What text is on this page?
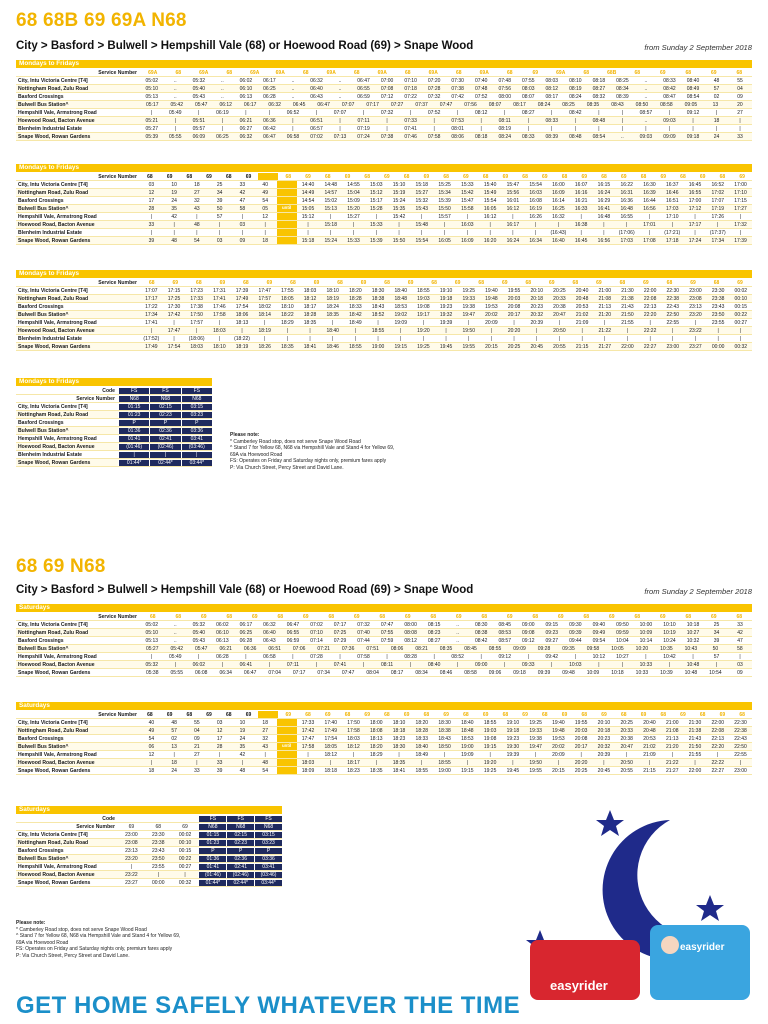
68 68B 69 69A N68
City > Basford > Bulwell > Hempshill Vale (68) or Hoewood Road (69) > Snape Wood	from Sunday 2 September 2018
Mondays to Fridays
Service Number	69A	68	69A	68	69A	69A	68	69A	68	69A	68	69A	68	69A	68	69	69A	68	68B	68	69	68	69	68
City, Intu Victoria Centre [T4]	05:02	..	05:32	..	06:02	06:17	..	06:32	..	06:47	07:00	07:10	07:20	07:30	07:40	07:48	07:55	08:03	08:10	08:18	08:25	..	08:33	08:40	48	55
Nottingham Road, Zulu Road	05:10	..	05:40	..	06:10	06:25	..	06:40	..	06:55	07:08	07:18	07:28	07:38	07:48	07:56	08:03	08:12	08:19	08:27	08:34	..	08:42	08:49	57	04
Basford Crossings	05:13	..	05:43	..	06:13	06:28	..	06:43	..	06:59	07:12	07:22	07:32	07:42	07:52	08:00	08:07	08:17	08:24	08:32	08:39	..	08:47	08:54	02	09
Bulwell Bus Station^	05:17	05:42	05:47	06:12	06:17	06:32	06:45	06:47	07:07	07:17	07:27	07:37	07:47	07:56	08:07	08:17	08:24	08:25	08:35	08:43	08:50	08:58	09:05	13	20
Hempshill Vale, Armstrong Road	|	05:49	|	06:19	|	|	06:52	|	07:07	|	07:32	|	07:52	|	08:12	|	08:27	|	08:42	|	|	08:57	|	09:12	|	27
Hoewood Road, Bacton Avenue	05:21	|	05:51	|	06:21	06:36	|	06:51	|	07:11	|	07:33	|	07:53	|	08:11	|	08:33	|	08:48	|	..	09:03	|	18	|
Blenheim Industrial Estate	05:27	|	05:57	|	06:27	06:42	|	06:57	|	07:19	|	07:41	|	08:01	|	08:19	|	|	|	|	|	|	|	|	|	|
Snape Wood, Rowan Gardens	05:39	05:55	06:09	06:25	06:32	06:47	06:58	07:02	07:13	07:24	07:38	07:46	07:58	08:06	08:18	08:24	08:33	08:39	08:48	08:54	..	09:03	09:09	09:18	24	33
Mondays to Fridays
Service Number	68	69	68	69	68	69	68	69	68	69	68	69	68	69	68	69	68	69	68	69	68	69	68	69	68	69	68	69	68	69
City, Intu Victoria Centre [T4]	03	10	18	25	33	40	14:40	14:48	14:55	15:03	15:10	15:18	15:25	15:33	15:40	15:47	15:54	16:00	16:07	16:15	16:22	16:30	16:37	16:45	16:52	17:00
Nottingham Road, Zulu Road	12	19	27	34	42	49	14:49	14:57	15:04	15:12	15:19	15:27	15:34	15:42	15:49	15:56	16:03	16:09	16:16	16:24	16:31	16:39	16:46	16:55	17:02	17:10
Basford Crossings	17	24	32	39	47	54	14:54	15:02	15:09	15:17	15:24	15:32	15:39	15:47	15:54	16:01	16:08	16:14	16:21	16:29	16:36	16:44	16:51	17:00	17:07	17:15
Bulwell Bus Station^	28	35	43	50	58	05	until	15:05	15:13	15:20	15:28	15:35	15:43	15:50	15:58	16:05	16:12	16:19	16:25	16:33	16:41	16:48	16:56	17:03	17:12	17:19	17:27
Hempshill Vale, Armstrong Road	|	42	|	57	|	12	15:12	|	15:27	|	15:42	|	15:57	|	16:12	|	16:26	16:32	|	16:48	16:55	|	17:10	|	17:26	|
Hoewood Road, Bacton Avenue	33	|	48	|	03	|	|	15:18	|	15:33	|	15:48	|	16:03	|	16:17	|	|	16:38	|	|	17:01	|	17:17	|	17:32
Blenheim Industrial Estate	|	|	|	|	|	|	|	|	|	|	|	|	|	|	|	|	|	(16:43)	|	|	(17:06)	|	(17:21)	|	(17:37)	|
Snape Wood, Rowan Gardens	39	48	54	03	09	18	15:18	15:24	15:33	15:39	15:50	15:54	16:05	16:09	16:20	16:24	16:34	16:40	16:45	16:56	17:03	17:08	17:18	17:24	17:34	17:39
Mondays to Fridays
Service Number	68	69	68	69	68	69	68	69	68	69	68	69	68	69	68	69	68	69	68	69	68	69	68	69	68	69
City, Intu Victoria Centre [T4]	17:07	17:15	17:23	17:31	17:39	17:47	17:55	18:03	18:10	18:20	18:30	18:40	18:55	19:10	19:25	19:40	19:55	20:10	20:25	20:40	21:00	21:30	22:00	22:30	23:00	23:30	00:02
Nottingham Road, Zulu Road	17:17	17:25	17:33	17:41	17:49	17:57	18:05	18:12	18:19	18:28	18:38	18:48	19:03	19:18	19:33	19:48	20:03	20:18	20:33	20:48	21:08	21:38	22:08	22:38	23:08	23:38	00:10
Basford Crossings	17:22	17:30	17:38	17:46	17:54	18:02	18:10	18:17	18:24	18:33	18:43	18:53	19:08	19:23	19:38	19:53	20:08	20:23	20:38	20:53	21:13	21:43	22:13	22:43	23:13	23:43	00:15
Bulwell Bus Station^	17:34	17:42	17:50	17:58	18:06	18:14	18:22	18:28	18:35	18:42	18:52	19:02	19:17	19:32	19:47	20:02	20:17	20:32	20:47	21:02	21:20	21:50	22:20	22:50	23:20	23:50	00:22
Hempshill Vale, Armstrong Road	17:41	|	17:57	|	18:13	|	18:29	18:35	|	18:49	|	19:09	|	19:39	|	20:09	|	20:39	|	21:09	|	21:55	|	22:55	|	23:55	00:27
Hoewood Road, Bacton Avenue	|	17:47	|	18:03	|	18:19	|	|	18:40	|	18:55	|	19:20	|	19:50	|	20:20	|	20:50	|	21:22	|	22:22	|	23:22	|	|
Blenheim Industrial Estate	(17:52)	|	(18:06)	|	(18:22)	|	|	|	|	|	|	|	|	|	|	|	|	|	|	|	|	|	|	|	|	|	|
Snape Wood, Rowan Gardens	17:49	17:54	18:03	18:10	18:19	18:26	18:35	18:41	18:46	18:55	19:00	19:15	19:25	19:45	19:55	20:15	20:25	20:45	20:55	21:15	21:27	22:00	22:27	23:00	23:27	00:00	00:32
Mondays to Fridays
Code	FS	FS	FS
Service Number	N68	N68	N68
City, Intu Victoria Centre [T4]	01:15	02:15	03:15
Nottingham Road, Zulu Road	01:23	02:23	03:23
Basford Crossings	P	P	P
Bulwell Bus Station^	01:36	02:36	03:36
Hempshill Vale, Armstrong Road	01:41	02:41	03:41
Hoewood Road, Bacton Avenue	(01:46)	(02:46)	(03:46)
Blenheim Industrial Estate	|	|	|
Snape Wood, Rowan Gardens	01:44*	02:44*	03:44*
Please note:
* Camberley Road stop, does not serve Snape Wood Road
^ Stand 7 for Yellow 68, N68 via Hempshill Vale and Stand 4 for Yellow 69,
69A via Hoewood Road
FS: Operates on Friday and Saturday nights only, premium fares apply
P: Via Church Street, Percy Street and David Lane.
68 69 N68
City > Basford > Bulwell > Hempshill Vale (68) or Hoewood Road (69) > Snape Wood	from Sunday 2 September 2018
Saturdays
Service Number	68	68	69	68	69	68	69	68	69	68	69	68	69	68	69	68	69	68	69	68	69	68	69	68
City, Intu Victoria Centre [T4]	05:02	..	05:32	06:02	06:17	06:32	06:47	07:02	07:17	07:32	07:47	08:00	08:15	..	08:30	08:45	09:00	09:15	09:30	09:40	09:50	10:00	10:10	10:18	25	33
Nottingham Road, Zulu Road	05:10	..	05:40	06:10	06:25	06:40	06:55	07:10	07:25	07:40	07:55	08:08	08:23	..	08:38	08:53	09:08	09:23	09:39	09:49	09:59	10:09	10:19	10:27	34	42
Basford Crossings	05:13	..	05:43	06:13	06:28	06:43	06:59	07:14	07:29	07:44	07:59	08:12	08:27	..	08:42	08:57	09:12	09:27	09:44	09:54	10:04	10:14	10:24	10:32	39	47
Bulwell Bus Station^	05:27	05:42	05:47	06:21	06:36	06:51	07:06	07:21	07:36	07:51	08:06	08:21	08:35	08:45	08:55	09:09	09:28	09:35	09:58	10:05	10:20	10:35	10:43	50	58
Hempshill Vale, Armstrong Road	|	05:49	|	06:28	|	06:58	|	07:28	|	07:58	|	08:28	|	08:52	|	09:12	|	09:42	|	10:12	10:27	|	10:42	|	57	|
Hoewood Road, Bacton Avenue	05:32	|	06:02	|	06:41	|	07:11	|	07:41	|	08:11	|	08:40	|	09:00	|	09:33	|	10:03	|	|	10:33	|	10:48	|	03
Snape Wood, Rowan Gardens	05:38	05:55	06:08	06:34	06:47	07:04	07:17	07:34	07:47	08:04	08:17	08:34	08:46	08:58	09:06	09:18	09:39	09:48	10:09	10:18	10:33	10:39	10:48	10:54	09
Saturdays
Service Number	68	69	68	69	68	69	69	68	69	68	69	68	69	68	69	68	69	68	69	68	69	68	69	68	69	68	69	68	69	68
City, Intu Victoria Centre [T4]	40	48	55	03	10	18	17:33	17:40	17:50	18:00	18:10	18:20	18:30	18:40	18:55	19:10	19:25	19:40	19:55	20:10	20:25	20:40	21:00	21:30	22:00	22:30
Nottingham Road, Zulu Road	49	57	04	12	19	27	17:42	17:49	17:58	18:08	18:18	18:28	18:38	18:48	19:03	19:18	19:33	19:48	20:03	20:18	20:33	20:48	21:08	21:38	22:08	22:38
Basford Crossings	54	02	09	17	24	32	17:47	17:54	18:03	18:13	18:23	18:33	18:43	18:53	19:08	19:23	19:38	19:53	20:08	20:23	20:38	20:53	21:13	21:43	22:13	22:43
Bulwell Bus Station^	06	13	21	28	35	43	until	17:58	18:05	18:12	18:20	18:30	18:40	18:50	19:00	19:15	19:30	19:47	20:02	20:17	20:32	20:47	21:02	21:20	21:50	22:20	22:50
Hempshill Vale, Armstrong Road	12	|	27	|	42	|	|	18:12	|	18:29	|	18:49	|	19:09	|	19:39	|	20:09	|	20:39	|	21:09	|	21:55	|	22:55
Hoewood Road, Bacton Avenue	|	18	|	33	|	48	18:03	|	18:17	|	18:35	|	18:55	|	19:20	|	19:50	|	20:20	|	20:50	|	21:22	|	22:22	|
Snape Wood, Rowan Gardens	18	24	33	39	48	54	18:09	18:18	18:23	18:35	18:41	18:55	19:00	19:15	19:25	19:45	19:55	20:15	20:25	20:45	20:55	21:15	21:27	22:00	22:27	23:00
Saturdays
Code	FS	FS	FS
Service Number	69	68	69	N68	N68	N68
City, Intu Victoria Centre [T4]	23:00	23:30	00:02	01:15	02:15	03:15
Nottingham Road, Zulu Road	23:08	23:38	00:10	01:23	02:23	03:23
Basford Crossings	23:13	23:43	00:15	P	P	P
Bulwell Bus Station^	23:20	23:50	00:22	01:36	02:36	03:36
Hempshill Vale, Armstrong Road	|	23:55	00:27	01:41	02:41	03:41
Hoewood Road, Bacton Avenue	23:22	|	|	(01:46)	(02:46)	(03:46)
Snape Wood, Rowan Gardens	23:27	00:00	00:32	01:44*	02:44*	03:44*
Please note:
* Camberley Road stop, does not serve Snape Wood Road
^ Stand 7 for Yellow 68, N68 via Hempshill Vale and Stand 4 for Yellow 69,
69A via Hoewood Road
FS: Operates on Friday and Saturday nights only, premium fares apply
P: Via Church Street, Percy Street and David Lane.
easyrider
easyrider
GET HOME SAFELY WHATEVER THE TIME
